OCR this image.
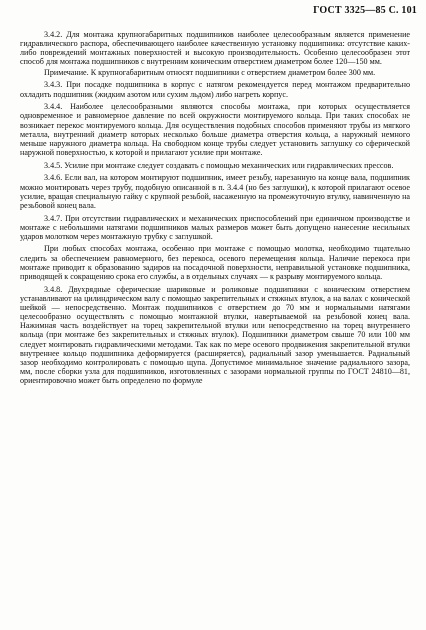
ГОСТ 3325—85 С. 101

3.4.2. Для монтажа крупногабаритных подшипников наиболее целесообразным является применение гидравлического распора, обеспечивающего наиболее качественную установку подшипника: отсутствие каких-либо повреждений монтажных поверхностей и высокую производительность. Особенно целесообразен этот способ для монтажа подшипников с внутренним коническим отверстием диаметром более 120—150 мм.

Примечание. К крупногабаритным относят подшипники с отверстием диаметром более 300 мм.

3.4.3. При посадке подшипника в корпус с натягом рекомендуется перед монтажом предварительно охладить подшипник (жидким азотом или сухим льдом) либо нагреть корпус.

3.4.4. Наиболее целесообразными являются способы монтажа, при которых осуществляется одновременное и равномерное давление по всей окружности монтируемого кольца. При таких способах не возникает перекос монтируемого кольца. Для осуществления подобных способов применяют трубы из мягкого металла, внутренний диаметр которых несколько больше диаметра отверстия кольца, а наружный немного меньше наружного диаметра кольца. На свободном конце трубы следует установить заглушку со сферической наружной поверхностью, к которой и прилагают усилие при монтаже.

3.4.5. Усилие при монтаже следует создавать с помощью механических или гидравлических прессов.

3.4.6. Если вал, на котором монтируют подшипник, имеет резьбу, нарезанную на конце вала, подшипник можно монтировать через трубу, подобную описанной в п. 3.4.4 (но без заглушки), к которой прилагают осевое усилие, вращая специальную гайку с крупной резьбой, насаженную на промежуточную втулку, навинченную на резьбовой конец вала.

3.4.7. При отсутствии гидравлических и механических приспособлений при единичном производстве и монтаже с небольшими натягами подшипников малых размеров может быть допущено нанесение несильных ударов молотком через монтажную трубку с заглушкой.

При любых способах монтажа, особенно при монтаже с помощью молотка, необходимо тщательно следить за обеспечением равномерного, без перекоса, осевого перемещения кольца. Наличие перекоса при монтаже приводит к образованию задиров на посадочной поверхности, неправильной установке подшипника, приводящей к сокращению срока его службы, а в отдельных случаях — к разрыву монтируемого кольца.

3.4.8. Двухрядные сферические шариковые и роликовые подшипники с коническим отверстием устанавливают на цилиндрическом валу с помощью закрепительных и стяжных втулок, а на валах с конической шейкой — непосредственно. Монтаж подшипников с отверстием до 70 мм и нормальными натягами целесообразно осуществлять с помощью монтажной втулки, навертываемой на резьбовой конец вала. Нажимная часть воздействует на торец закрепительной втулки или непосредственно на торец внутреннего кольца (при монтаже без закрепительных и стяжных втулок). Подшипники диаметром свыше 70 или 100 мм следует монтировать гидравлическими методами. Так как по мере осевого продвижения закрепительной втулки внутреннее кольцо подшипника деформируется (расширяется), радиальный зазор уменьшается. Радиальный зазор необходимо контролировать с помощью щупа. Допустимое минимальное значение радиального зазора, мм, после сборки узла для подшипников, изготовленных с зазорами нормальной группы по ГОСТ 24810—81, ориентировочно может быть определено по формуле
